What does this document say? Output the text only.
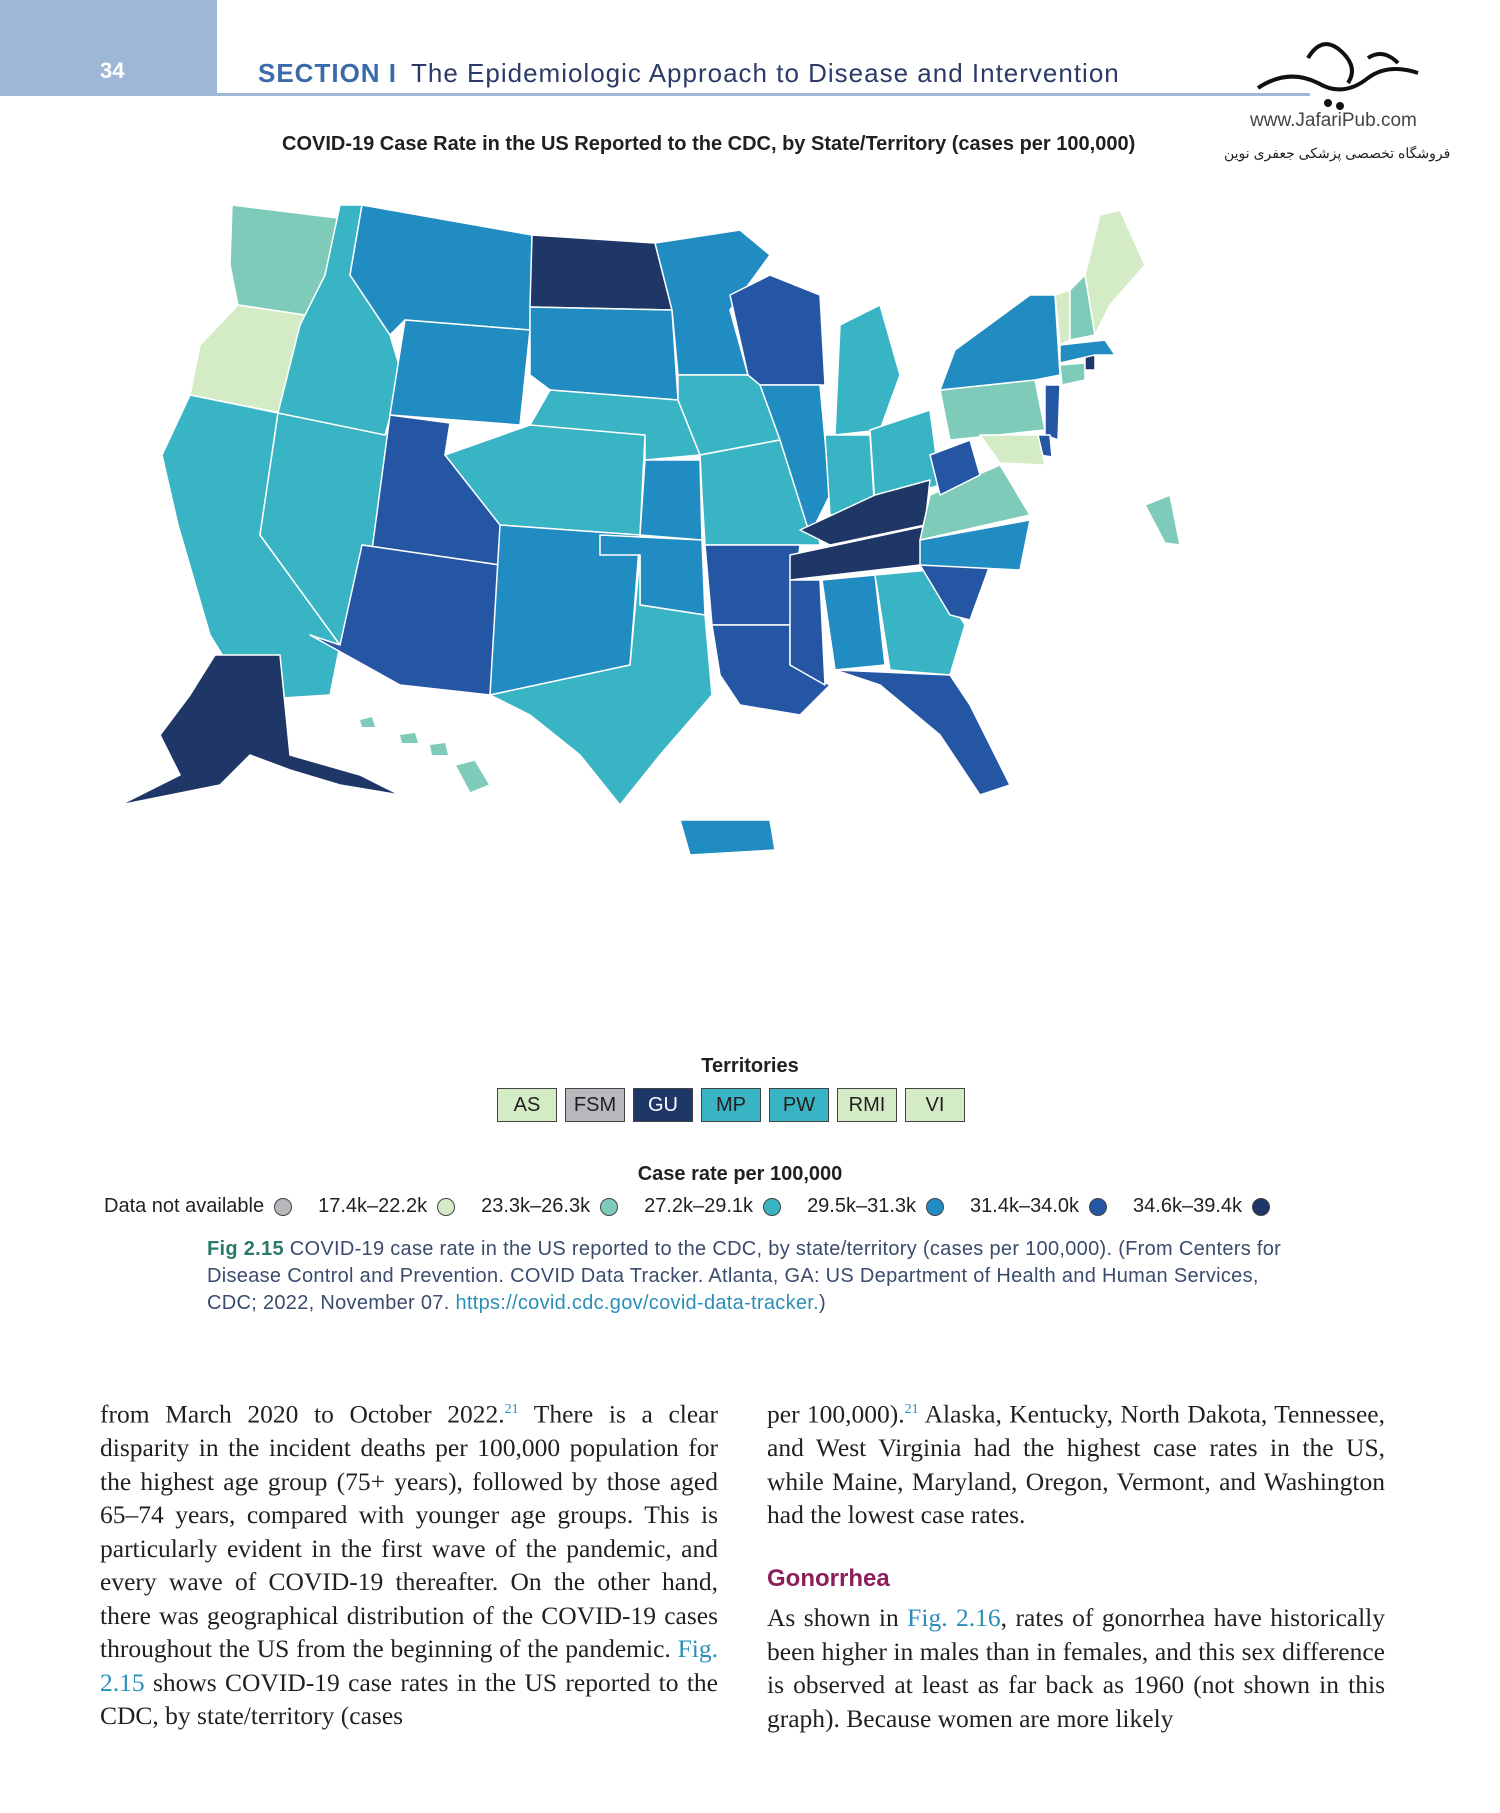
34	SECTION I The Epidemiologic Approach to Disease and Intervention
www.JafariPub.com
فروشگاه تخصصی پزشکی جعفری نوین
COVID-19 Case Rate in the US Reported to the CDC, by State/Territory (cases per 100,000)
Territories
AS	FSM	GU	MP	PW	RMI	VI
Case rate per 100,000
Data not available	17.4k–22.2k	23.3k–26.3k	27.2k–29.1k	29.5k–31.3k	31.4k–34.0k	34.6k–39.4k
Fig 2.15 COVID-19 case rate in the US reported to the CDC, by state/territory (cases per 100,000). (From Centers for Disease Control and Prevention. COVID Data Tracker. Atlanta, GA: US Department of Health and Human Services, CDC; 2022, November 07. https://covid.cdc.gov/covid-data-tracker.)

from March 2020 to October 2022.21 There is a clear disparity in the incident deaths per 100,000 population for the highest age group (75+ years), followed by those aged 65–74 years, compared with younger age groups. This is particularly evident in the first wave of the pandemic, and every wave of COVID-19 thereafter. On the other hand, there was geographical distribution of the COVID-19 cases throughout the US from the beginning of the pandemic. Fig. 2.15 shows COVID-19 case rates in the US reported to the CDC, by state/territory (cases

per 100,000).$^{21}$ Alaska, Kentucky, North Dakota, Tennessee, and West Virginia had the highest case rates in the US, while Maine, Maryland, Oregon, Vermont, and Washington had the lowest case rates.

Gonorrhea

As shown in Fig. 2.16, rates of gonorrhea have historically been higher in males than in females, and this sex difference is observed at least as far back as 1960 (not shown in this graph). Because women are more likely
